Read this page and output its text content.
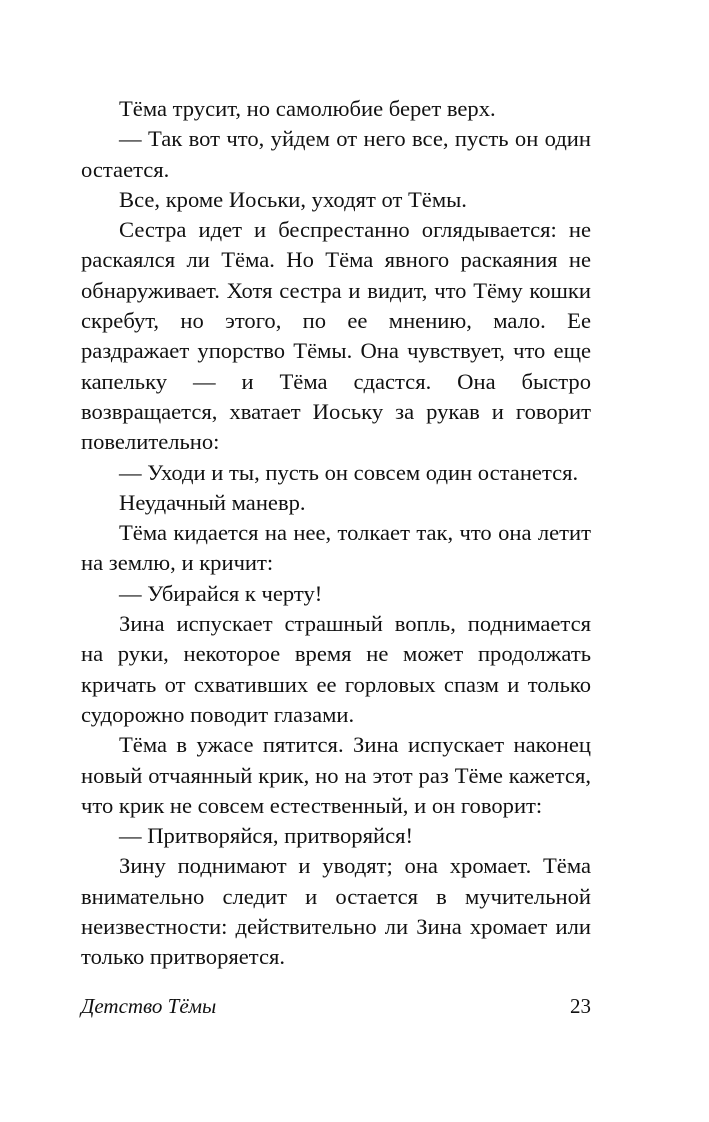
Тёма трусит, но самолюбие берет верх.

— Так вот что, уйдем от него все, пусть он один остается.

Все, кроме Иоськи, уходят от Тёмы.

Сестра идет и беспрестанно оглядывается: не раскаялся ли Тёма. Но Тёма явного раскаяния не обнаруживает. Хотя сестра и видит, что Тёму кошки скребут, но этого, по ее мнению, мало. Ее раздражает упорство Тёмы. Она чувствует, что еще капельку — и Тёма сдастся. Она быстро возвращается, хватает Иоську за рукав и говорит повелительно:

— Уходи и ты, пусть он совсем один останется.

Неудачный маневр.

Тёма кидается на нее, толкает так, что она летит на землю, и кричит:

— Убирайся к черту!

Зина испускает страшный вопль, поднимается на руки, некоторое время не может продолжать кричать от схвативших ее горловых спазм и только судорожно поводит глазами.

Тёма в ужасе пятится. Зина испускает наконец новый отчаянный крик, но на этот раз Тёме кажется, что крик не совсем естественный, и он говорит:

— Притворяйся, притворяйся!

Зину поднимают и уводят; она хромает. Тёма внимательно следит и остается в мучительной неизвестности: действительно ли Зина хромает или только притворяется.

Детство Тёмы	23
